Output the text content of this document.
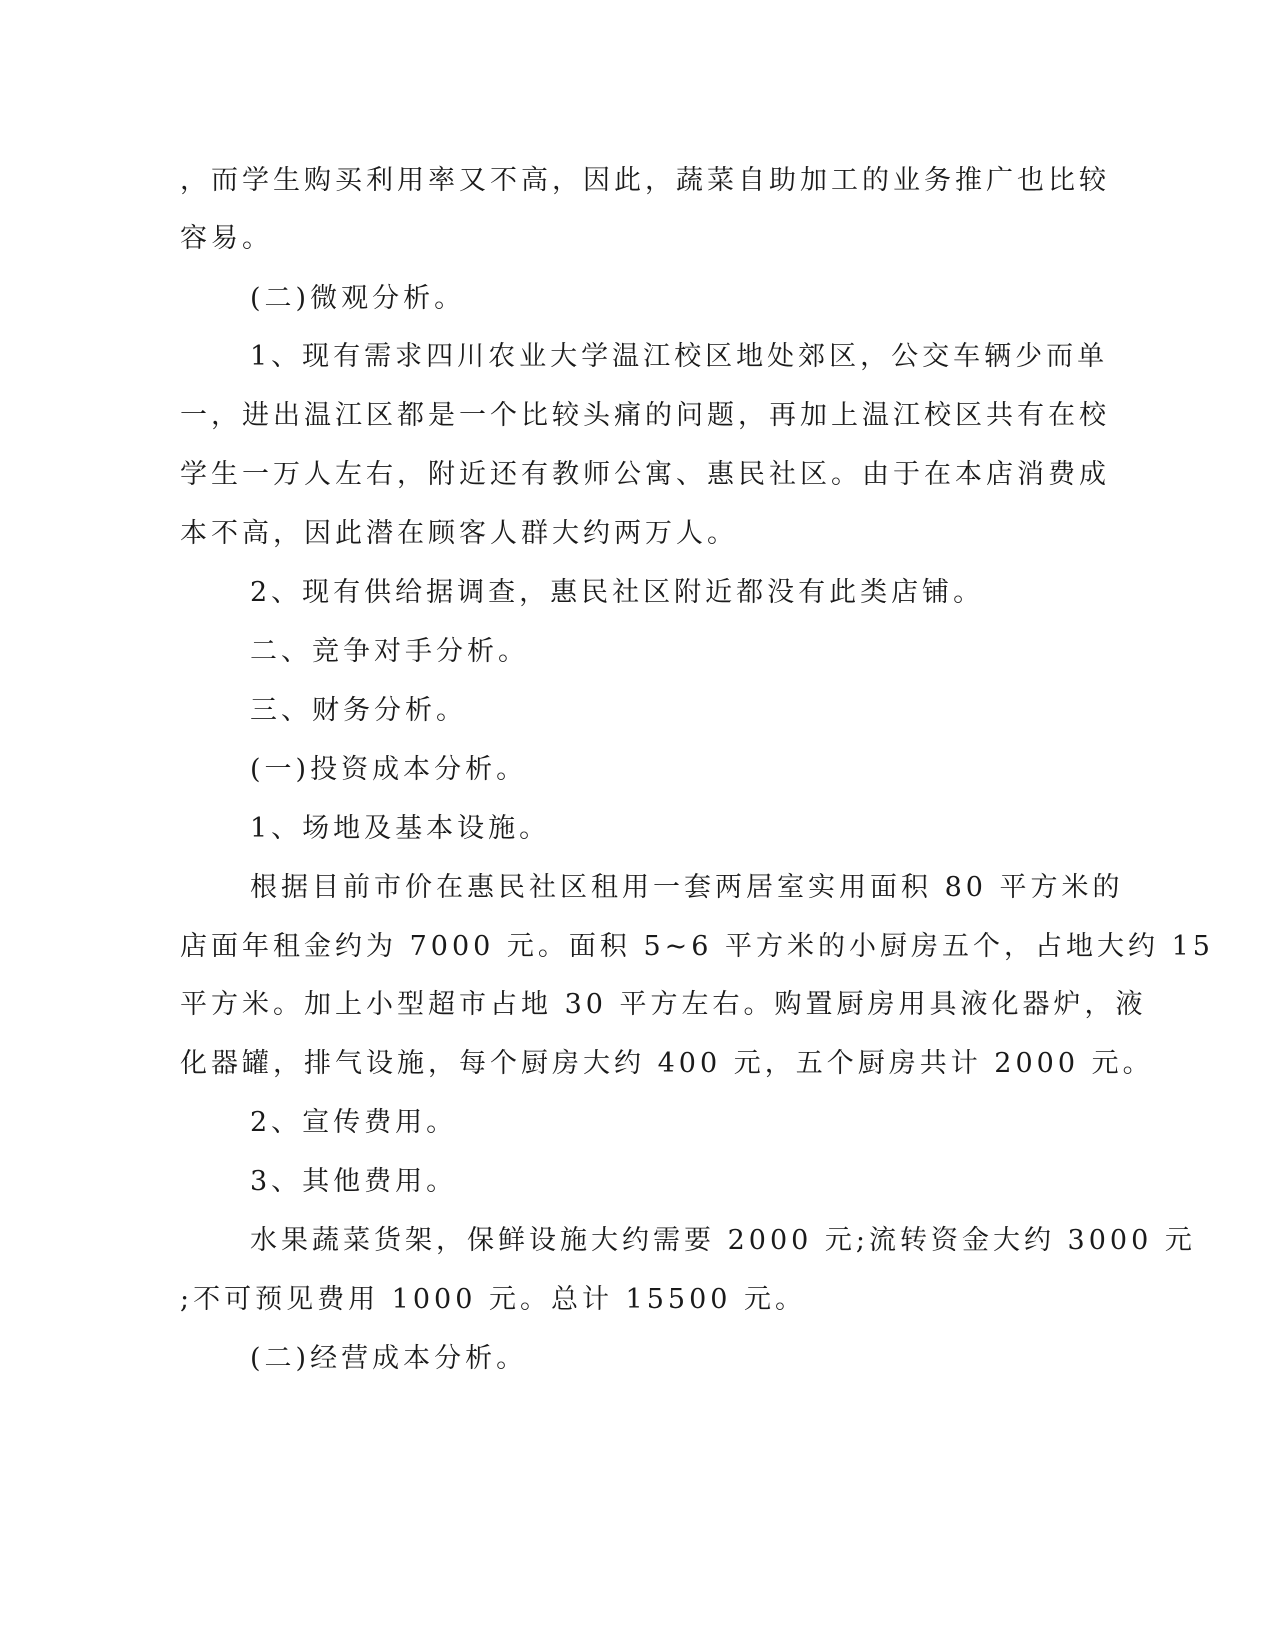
，而学生购买利用率又不高，因此，蔬菜自助加工的业务推广也比较
容易。
(二)微观分析。
1、现有需求四川农业大学温江校区地处郊区，公交车辆少而单
一，进出温江区都是一个比较头痛的问题，再加上温江校区共有在校
学生一万人左右，附近还有教师公寓、惠民社区。由于在本店消费成
本不高，因此潜在顾客人群大约两万人。
2、现有供给据调查，惠民社区附近都没有此类店铺。
二、竞争对手分析。
三、财务分析。
(一)投资成本分析。
1、场地及基本设施。
根据目前市价在惠民社区租用一套两居室实用面积 80 平方米的
店面年租金约为 7000 元。面积 5~6 平方米的小厨房五个，占地大约 15
平方米。加上小型超市占地 30 平方左右。购置厨房用具液化器炉，液
化器罐，排气设施，每个厨房大约 400 元，五个厨房共计 2000 元。
2、宣传费用。
3、其他费用。
水果蔬菜货架，保鲜设施大约需要 2000 元;流转资金大约 3000 元
;不可预见费用 1000 元。总计 15500 元。
(二)经营成本分析。
